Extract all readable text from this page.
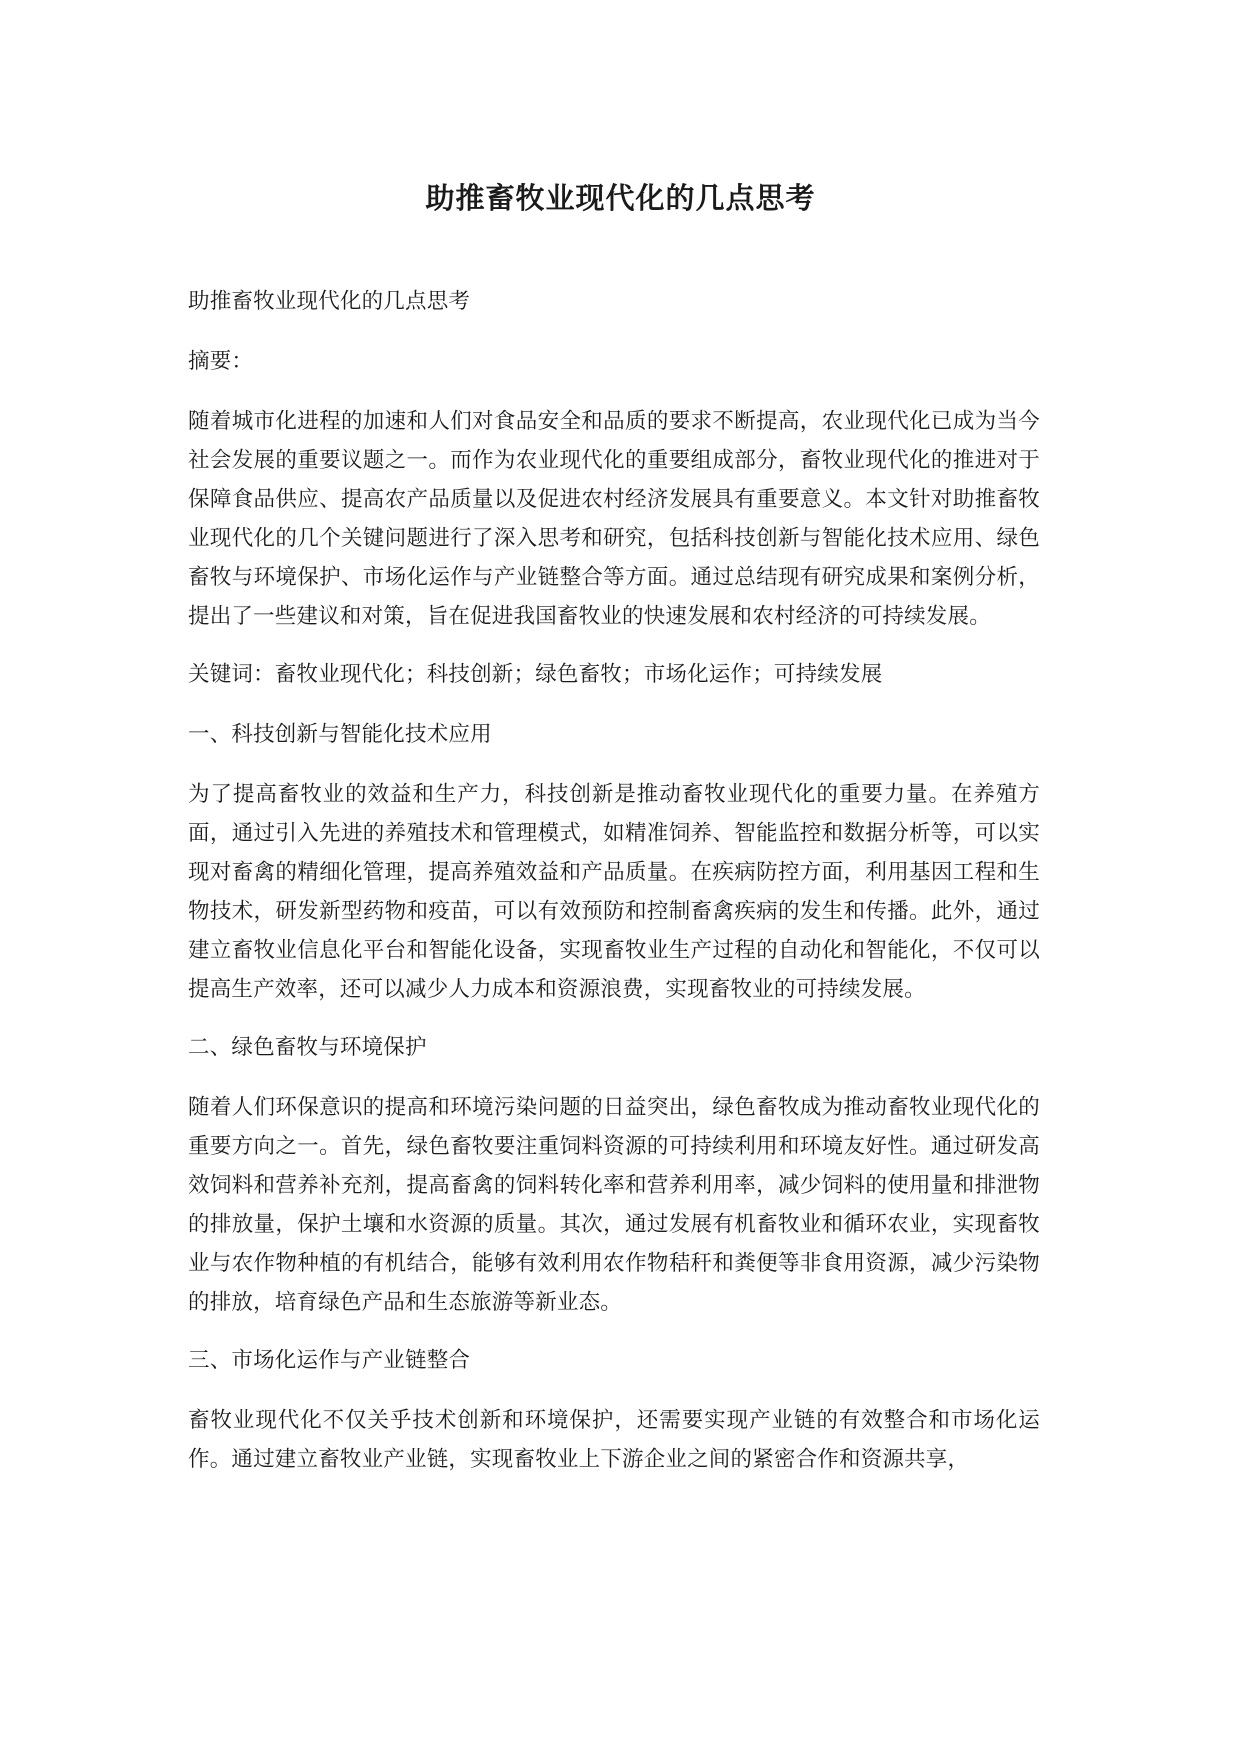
助推畜牧业现代化的几点思考

助推畜牧业现代化的几点思考

摘要：

随着城市化进程的加速和人们对食品安全和品质的要求不断提高，农业现代化已成为当今社会发展的重要议题之一。而作为农业现代化的重要组成部分，畜牧业现代化的推进对于保障食品供应、提高农产品质量以及促进农村经济发展具有重要意义。本文针对助推畜牧业现代化的几个关键问题进行了深入思考和研究，包括科技创新与智能化技术应用、绿色畜牧与环境保护、市场化运作与产业链整合等方面。通过总结现有研究成果和案例分析，提出了一些建议和对策，旨在促进我国畜牧业的快速发展和农村经济的可持续发展。

关键词：畜牧业现代化；科技创新；绿色畜牧；市场化运作；可持续发展

一、科技创新与智能化技术应用

为了提高畜牧业的效益和生产力，科技创新是推动畜牧业现代化的重要力量。在养殖方面，通过引入先进的养殖技术和管理模式，如精准饲养、智能监控和数据分析等，可以实现对畜禽的精细化管理，提高养殖效益和产品质量。在疾病防控方面，利用基因工程和生物技术，研发新型药物和疫苗，可以有效预防和控制畜禽疾病的发生和传播。此外，通过建立畜牧业信息化平台和智能化设备，实现畜牧业生产过程的自动化和智能化，不仅可以提高生产效率，还可以减少人力成本和资源浪费，实现畜牧业的可持续发展。

二、绿色畜牧与环境保护

随着人们环保意识的提高和环境污染问题的日益突出，绿色畜牧成为推动畜牧业现代化的重要方向之一。首先，绿色畜牧要注重饲料资源的可持续利用和环境友好性。通过研发高效饲料和营养补充剂，提高畜禽的饲料转化率和营养利用率，减少饲料的使用量和排泄物的排放量，保护土壤和水资源的质量。其次，通过发展有机畜牧业和循环农业，实现畜牧业与农作物种植的有机结合，能够有效利用农作物秸秆和粪便等非食用资源，减少污染物的排放，培育绿色产品和生态旅游等新业态。

三、市场化运作与产业链整合

畜牧业现代化不仅关乎技术创新和环境保护，还需要实现产业链的有效整合和市场化运作。通过建立畜牧业产业链，实现畜牧业上下游企业之间的紧密合作和资源共享，
